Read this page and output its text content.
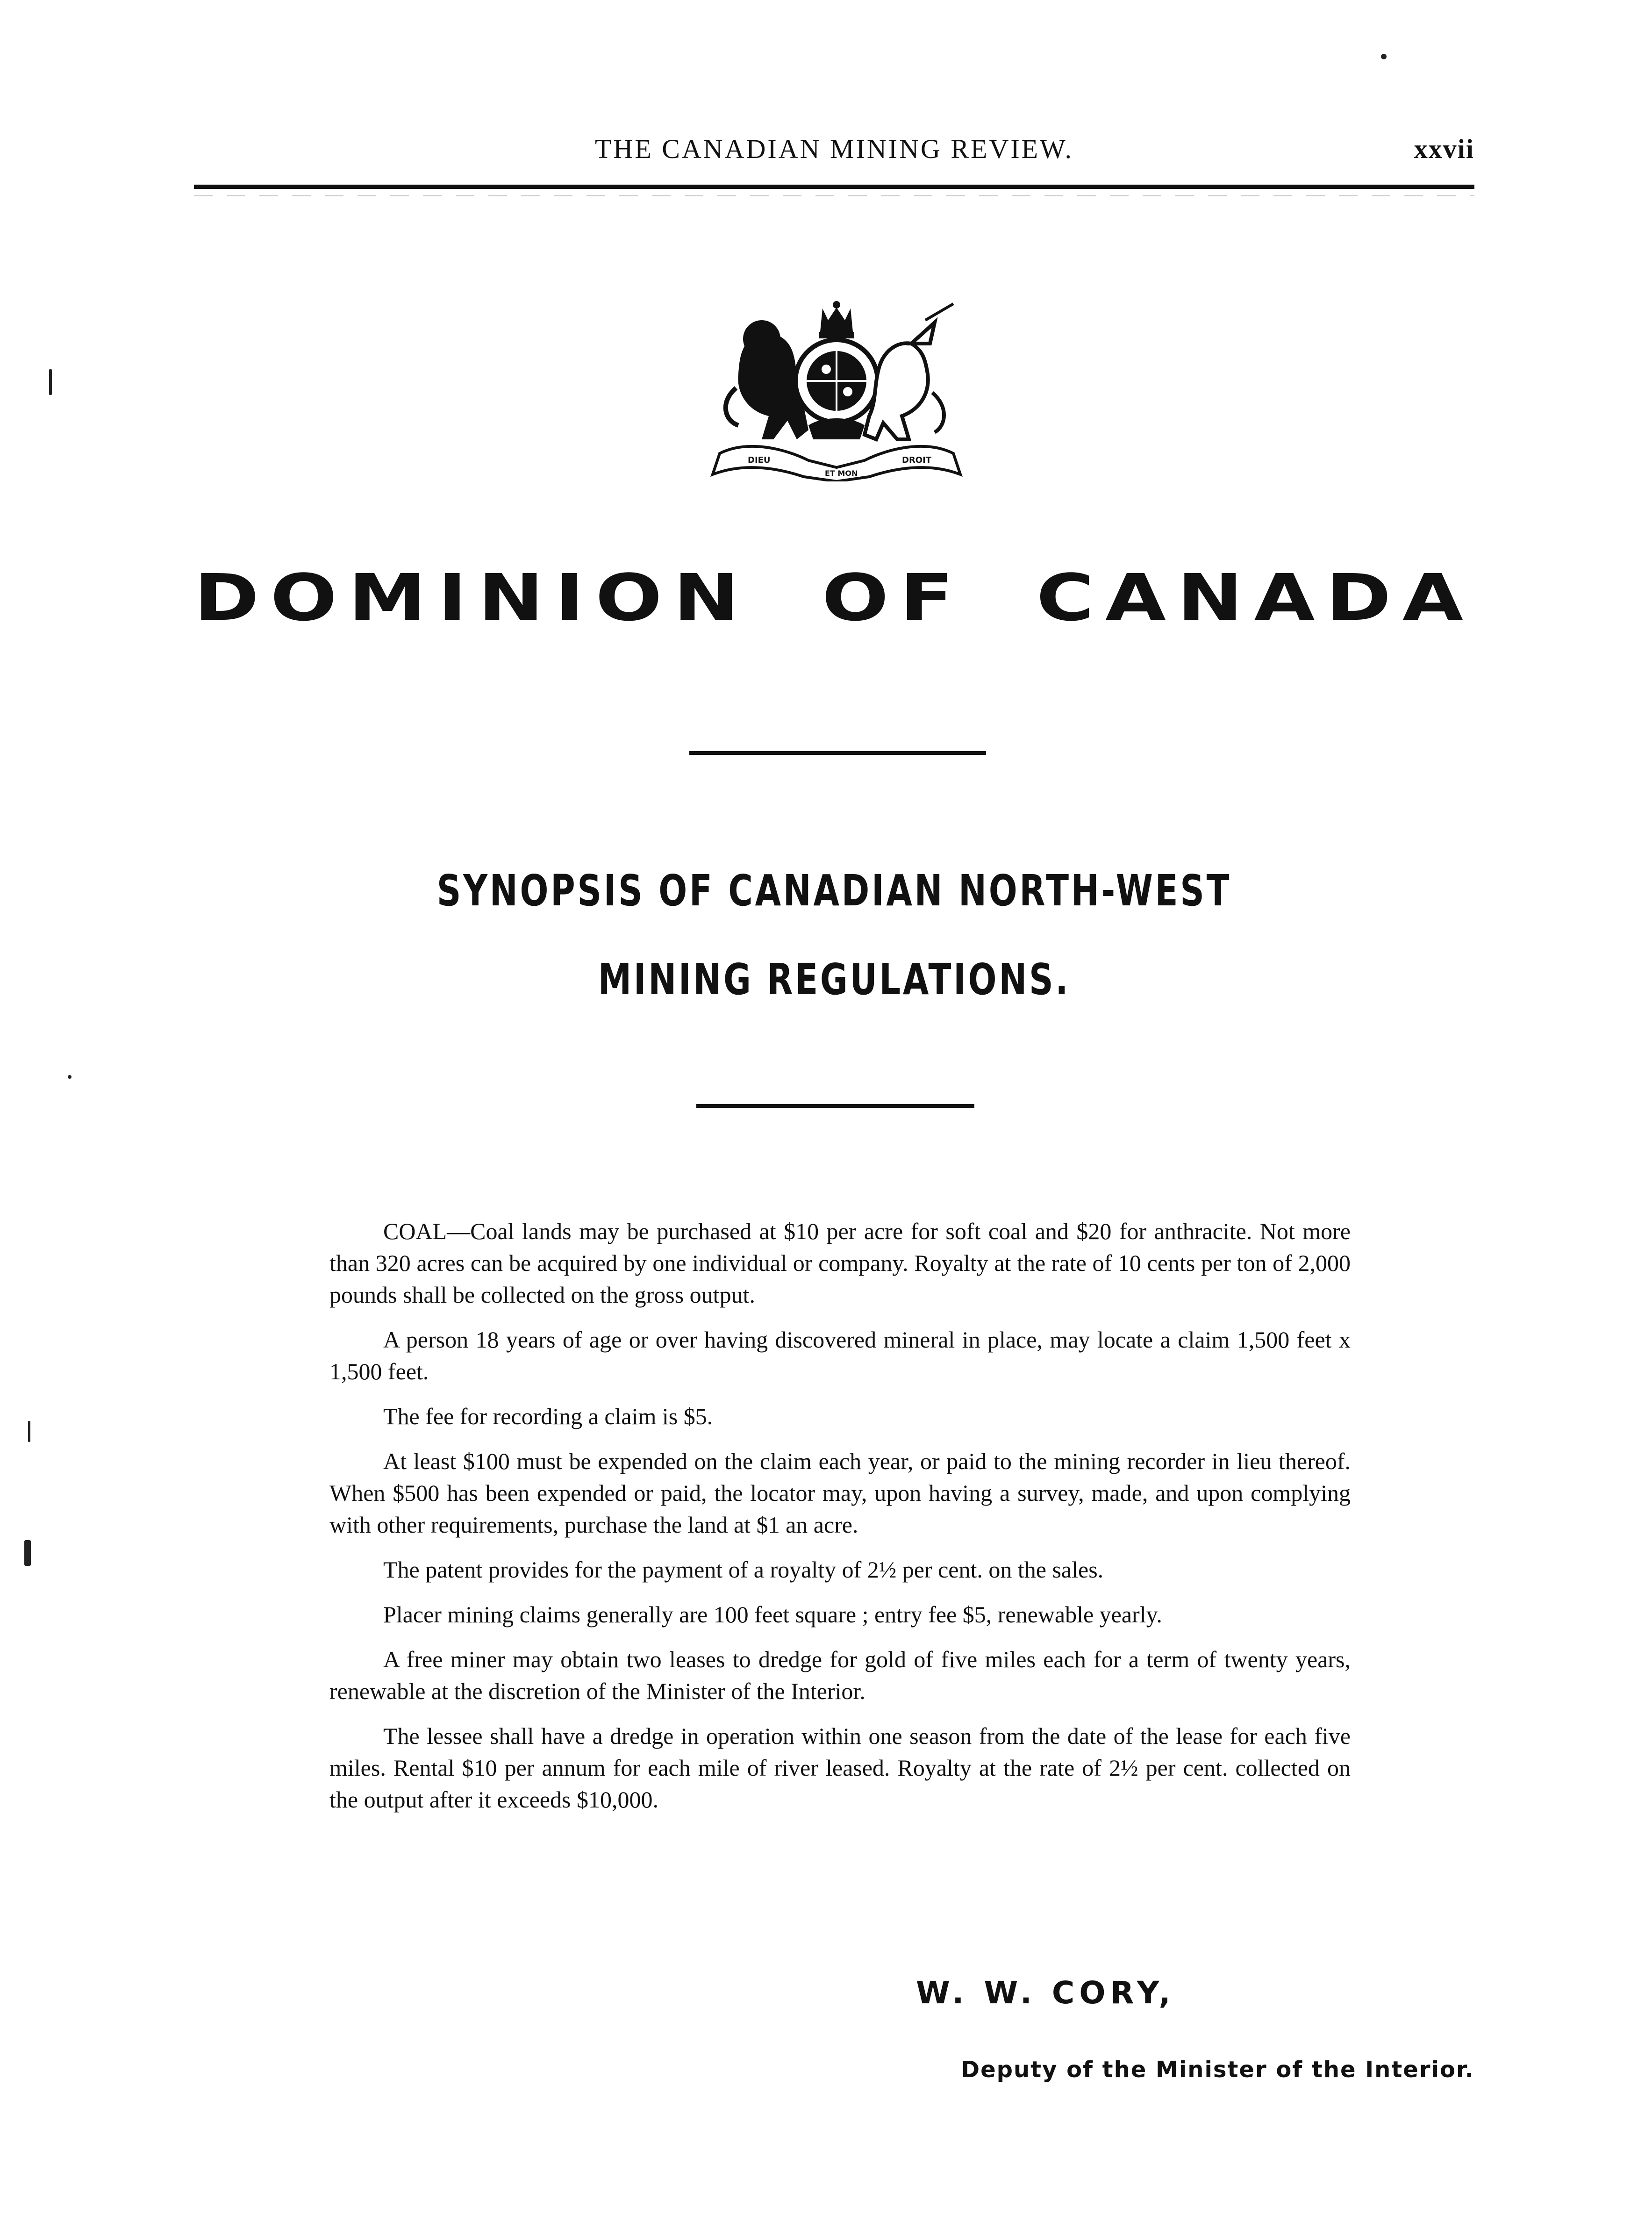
THE CANADIAN MINING REVIEW.	xxvii
DIEU
ET MON
DROIT
DOMINION OF CANADA
SYNOPSIS OF CANADIAN NORTH-WEST
MINING REGULATIONS.

COAL—Coal lands may be purchased at $10 per acre for soft coal and $20 for anthracite. Not more than 320 acres can be acquired by one individual or company. Royalty at the rate of 10 cents per ton of 2,000 pounds shall be collected on the gross output.

A person 18 years of age or over having discovered mineral in place, may locate a claim 1,500 feet x 1,500 feet.

The fee for recording a claim is $5.

At least $100 must be expended on the claim each year, or paid to the mining recorder in lieu thereof. When $500 has been expended or paid, the locator may, upon having a survey, made, and upon complying with other requirements, purchase the land at $1 an acre.

The patent provides for the payment of a royalty of 2½ per cent. on the sales.

Placer mining claims generally are 100 feet square ; entry fee $5, renewable yearly.

A free miner may obtain two leases to dredge for gold of five miles each for a term of twenty years, renewable at the discretion of the Minister of the Interior.

The lessee shall have a dredge in operation within one season from the date of the lease for each five miles. Rental $10 per annum for each mile of river leased. Royalty at the rate of 2½ per cent. collected on the output after it exceeds $10,000.

W. W. CORY,
Deputy of the Minister of the Interior.
